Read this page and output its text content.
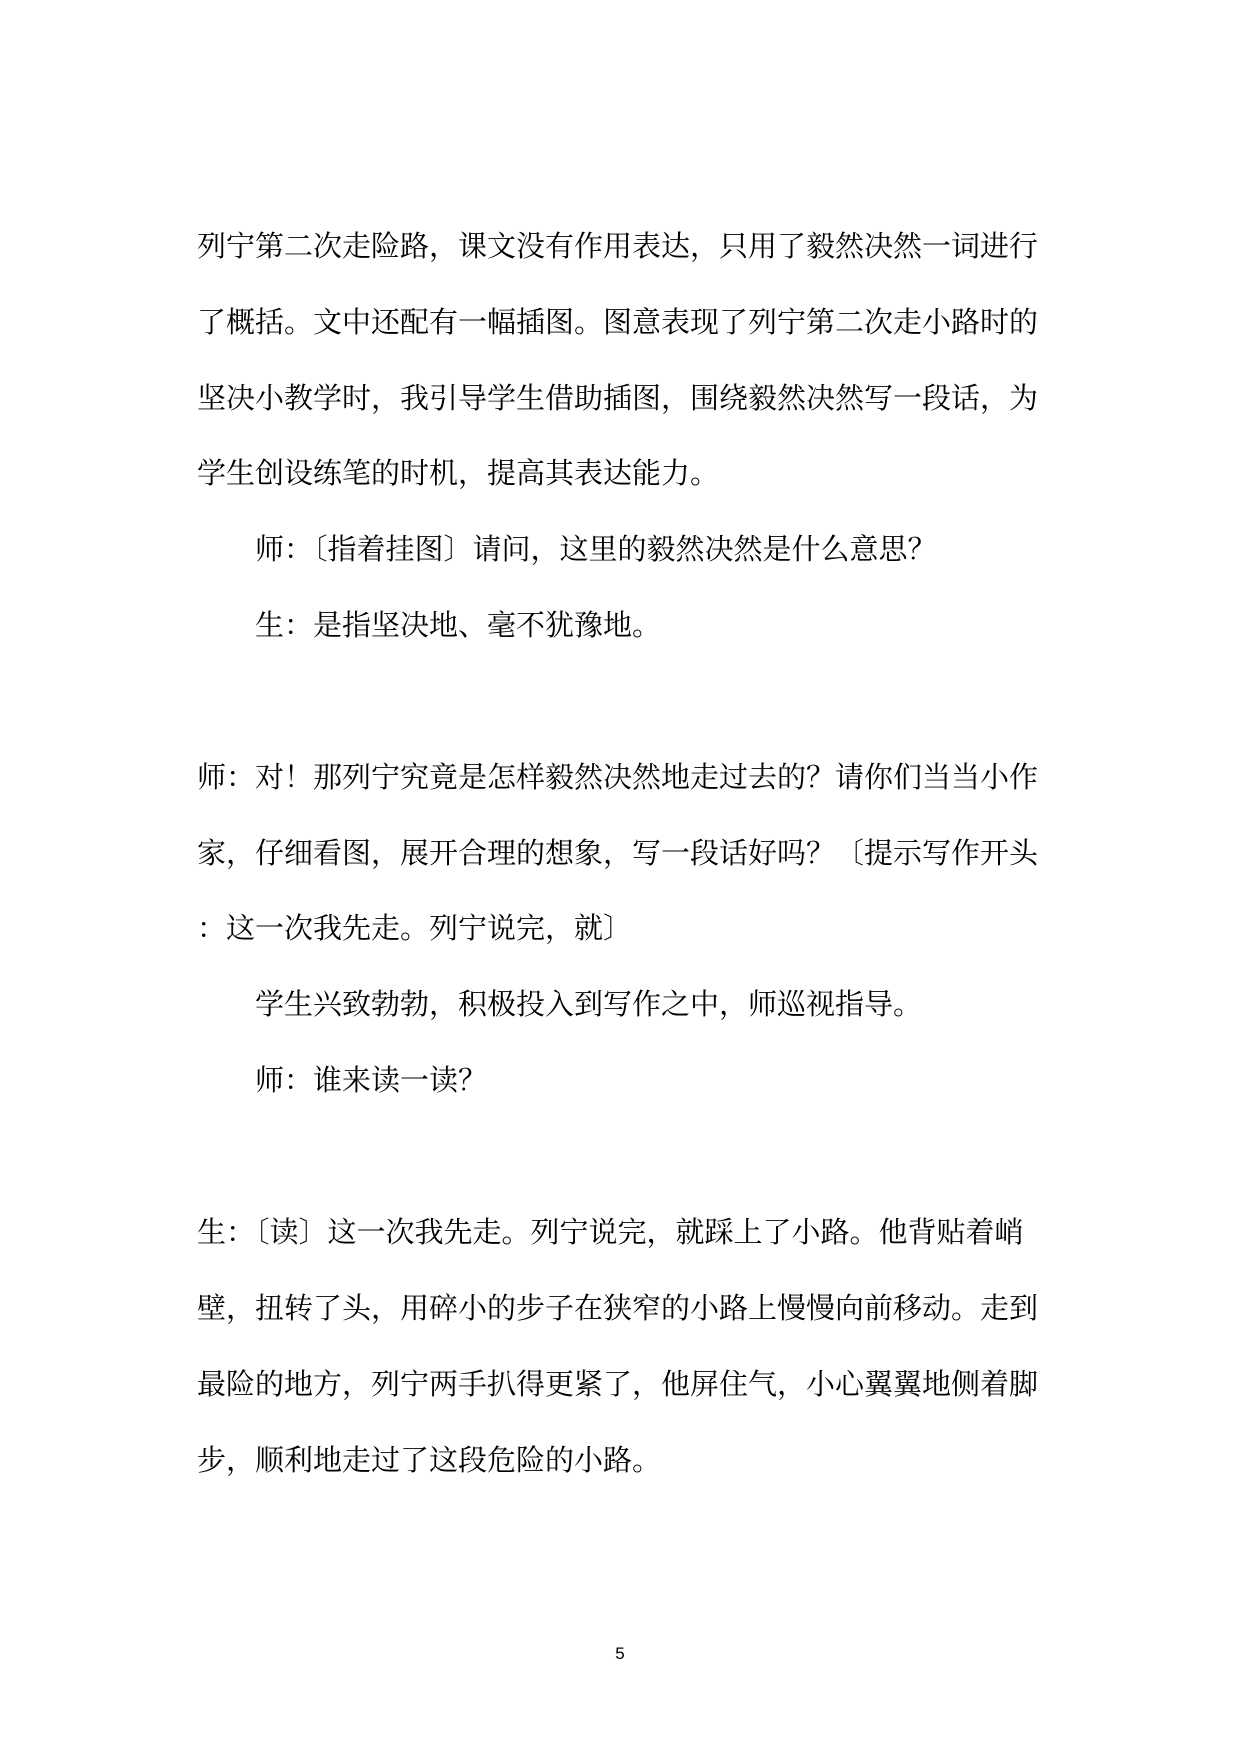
列宁第二次走险路，课文没有作用表达，只用了毅然决然一词进行
了概括。文中还配有一幅插图。图意表现了列宁第二次走小路时的
坚决小教学时，我引导学生借助插图，围绕毅然决然写一段话，为
学生创设练笔的时机，提高其表达能力。
师：〔指着挂图〕请问，这里的毅然决然是什么意思？
生：是指坚决地、毫不犹豫地。
师：对！那列宁究竟是怎样毅然决然地走过去的？请你们当当小作
家，仔细看图，展开合理的想象，写一段话好吗？〔提示写作开头
：这一次我先走。列宁说完，就〕
学生兴致勃勃，积极投入到写作之中，师巡视指导。
师：谁来读一读？
生：〔读〕这一次我先走。列宁说完，就踩上了小路。他背贴着峭
壁，扭转了头，用碎小的步子在狭窄的小路上慢慢向前移动。走到
最险的地方，列宁两手扒得更紧了，他屏住气，小心翼翼地侧着脚
步，顺利地走过了这段危险的小路。
5
